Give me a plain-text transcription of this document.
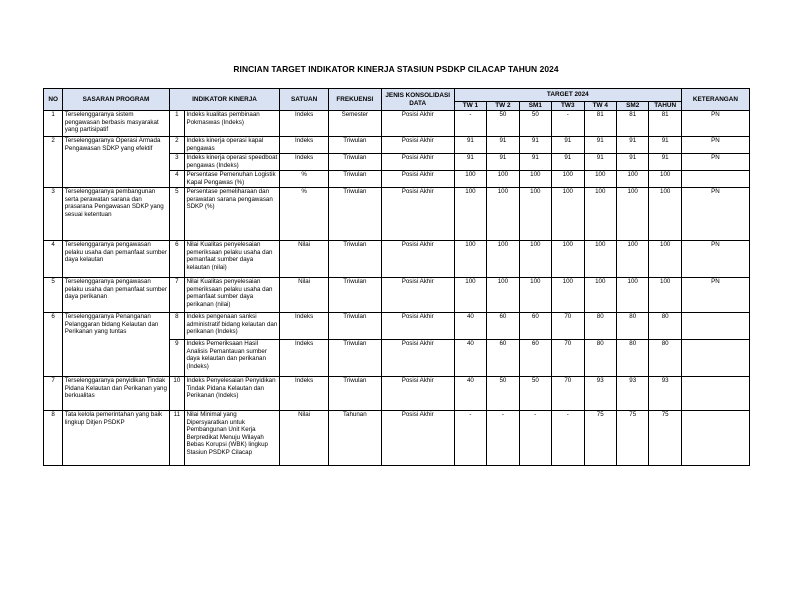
RINCIAN TARGET INDIKATOR KINERJA STASIUN PSDKP CILACAP TAHUN 2024
NO	SASARAN PROGRAM	INDIKATOR KINERJA		SATUAN	FREKUENSI	JENIS KONSOLIDASI DATA	TARGET 2024							KETERANGAN
							TW 1	TW 2	SM1	TW3	TW 4	SM2	TAHUN	
1	Terselenggaranya sistem pengawasan berbasis masyarakat yang partisipatif	1	Indeks kualitas pembinaan Pokmaswas (Indeks)	Indeks	Semester	Posisi Akhir	-	50	50	-	81	81	81	PN
2	Terselenggaranya Operasi Armada Pengawasan SDKP yang efektif	2	Indeks kinerja operasi kapal pengawas	Indeks	Triwulan	Posisi Akhir	91	91	91	91	91	91	91	PN
		3	Indeks kinerja operasi speedboat pengawas (Indeks)	Indeks	Triwulan	Posisi Akhir	91	91	91	91	91	91	91	PN
		4	Persentase Pemenuhan Logistik Kapal Pengawas (%)	%	Triwulan	Posisi Akhir	100	100	100	100	100	100	100	
3	Terselenggaranya pembangunan serta perawatan sarana dan prasarana Pengawasan SDKP yang sesuai ketentuan	5	Persentase pemeliharaan dan perawatan sarana pengawasan SDKP (%)	%	Triwulan	Posisi Akhir	100	100	100	100	100	100	100	PN
4	Terselenggaranya pengawasan pelaku usaha dan pemanfaat sumber daya kelautan	6	Nilai Kualitas penyelesaian pemeriksaan pelaku usaha dan pemanfaat sumber daya kelautan (nilai)	Nilai	Triwulan	Posisi Akhir	100	100	100	100	100	100	100	PN
5	Terselenggaranya pengawasan pelaku usaha dan pemanfaat sumber daya perikanan	7	Nilai Kualitas penyelesaian pemeriksaan pelaku usaha dan pemanfaat sumber daya perikanan (nilai)	Nilai	Triwulan	Posisi Akhir	100	100	100	100	100	100	100	PN
6	Terselenggaranya Penanganan Pelanggaran bidang Kelautan dan Perikanan yang tuntas	8	Indeks pengenaan sanksi administratif bidang kelautan dan perikanan (Indeks)	Indeks	Triwulan	Posisi Akhir	40	60	60	70	80	80	80	
		9	Indeks Pemeriksaan Hasil Analisis Pemantauan sumber daya kelautan dan perikanan (Indeks)	Indeks	Triwulan	Posisi Akhir	40	60	60	70	80	80	80	
7	Terselenggaranya penyidikan Tindak Pidana Kelautan dan Perikanan yang berkualitas	10	Indeks Penyelesaian Penyidikan Tindak Pidana Kelautan dan Perikanan (Indeks)	Indeks	Triwulan	Posisi Akhir	40	50	50	70	93	93	93	
8	Tata kelola pemerintahan yang baik lingkup Ditjen PSDKP	11	Nilai Minimal yang Dipersyaratkan untuk Pembangunan Unit Kerja Berpredikat Menuju Wilayah Bebas Korupsi (WBK) lingkup Stasiun PSDKP Cilacap	Nilai	Tahunan	Posisi Akhir	-	-	-	-	75	75	75	
